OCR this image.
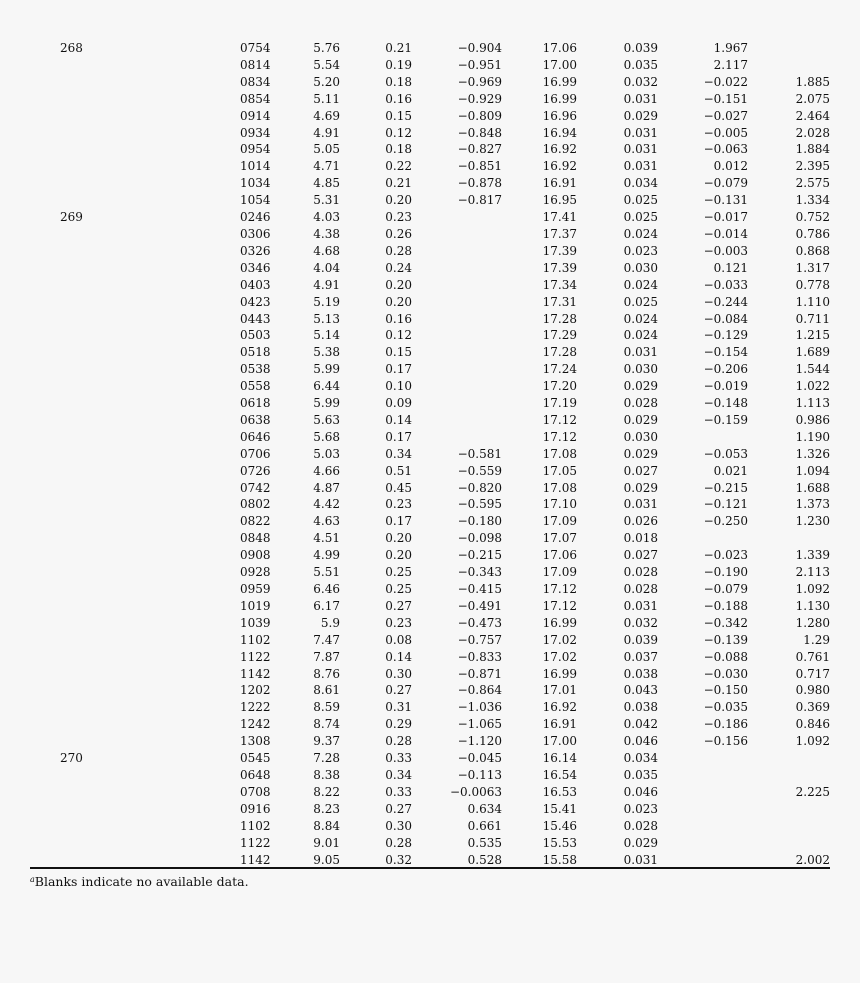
268	0754	5.76	0.21	−0.904	17.06	0.039	1.967	
	0814	5.54	0.19	−0.951	17.00	0.035	2.117	
	0834	5.20	0.18	−0.969	16.99	0.032	−0.022	1.885
	0854	5.11	0.16	−0.929	16.99	0.031	−0.151	2.075
	0914	4.69	0.15	−0.809	16.96	0.029	−0.027	2.464
	0934	4.91	0.12	−0.848	16.94	0.031	−0.005	2.028
	0954	5.05	0.18	−0.827	16.92	0.031	−0.063	1.884
	1014	4.71	0.22	−0.851	16.92	0.031	0.012	2.395
	1034	4.85	0.21	−0.878	16.91	0.034	−0.079	2.575
	1054	5.31	0.20	−0.817	16.95	0.025	−0.131	1.334
269	0246	4.03	0.23		17.41	0.025	−0.017	0.752
	0306	4.38	0.26		17.37	0.024	−0.014	0.786
	0326	4.68	0.28		17.39	0.023	−0.003	0.868
	0346	4.04	0.24		17.39	0.030	0.121	1.317
	0403	4.91	0.20		17.34	0.024	−0.033	0.778
	0423	5.19	0.20		17.31	0.025	−0.244	1.110
	0443	5.13	0.16		17.28	0.024	−0.084	0.711
	0503	5.14	0.12		17.29	0.024	−0.129	1.215
	0518	5.38	0.15		17.28	0.031	−0.154	1.689
	0538	5.99	0.17		17.24	0.030	−0.206	1.544
	0558	6.44	0.10		17.20	0.029	−0.019	1.022
	0618	5.99	0.09		17.19	0.028	−0.148	1.113
	0638	5.63	0.14		17.12	0.029	−0.159	0.986
	0646	5.68	0.17		17.12	0.030		1.190
	0706	5.03	0.34	−0.581	17.08	0.029	−0.053	1.326
	0726	4.66	0.51	−0.559	17.05	0.027	0.021	1.094
	0742	4.87	0.45	−0.820	17.08	0.029	−0.215	1.688
	0802	4.42	0.23	−0.595	17.10	0.031	−0.121	1.373
	0822	4.63	0.17	−0.180	17.09	0.026	−0.250	1.230
	0848	4.51	0.20	−0.098	17.07	0.018		
	0908	4.99	0.20	−0.215	17.06	0.027	−0.023	1.339
	0928	5.51	0.25	−0.343	17.09	0.028	−0.190	2.113
	0959	6.46	0.25	−0.415	17.12	0.028	−0.079	1.092
	1019	6.17	0.27	−0.491	17.12	0.031	−0.188	1.130
	1039	5.9	0.23	−0.473	16.99	0.032	−0.342	1.280
	1102	7.47	0.08	−0.757	17.02	0.039	−0.139	1.29
	1122	7.87	0.14	−0.833	17.02	0.037	−0.088	0.761
	1142	8.76	0.30	−0.871	16.99	0.038	−0.030	0.717
	1202	8.61	0.27	−0.864	17.01	0.043	−0.150	0.980
	1222	8.59	0.31	−1.036	16.92	0.038	−0.035	0.369
	1242	8.74	0.29	−1.065	16.91	0.042	−0.186	0.846
	1308	9.37	0.28	−1.120	17.00	0.046	−0.156	1.092
270	0545	7.28	0.33	−0.045	16.14	0.034		
	0648	8.38	0.34	−0.113	16.54	0.035		
	0708	8.22	0.33	−0.0063	16.53	0.046		2.225
	0916	8.23	0.27	0.634	15.41	0.023		
	1102	8.84	0.30	0.661	15.46	0.028		
	1122	9.01	0.28	0.535	15.53	0.029		
	1142	9.05	0.32	0.528	15.58	0.031		2.002
$^a$Blanks indicate no available data.
